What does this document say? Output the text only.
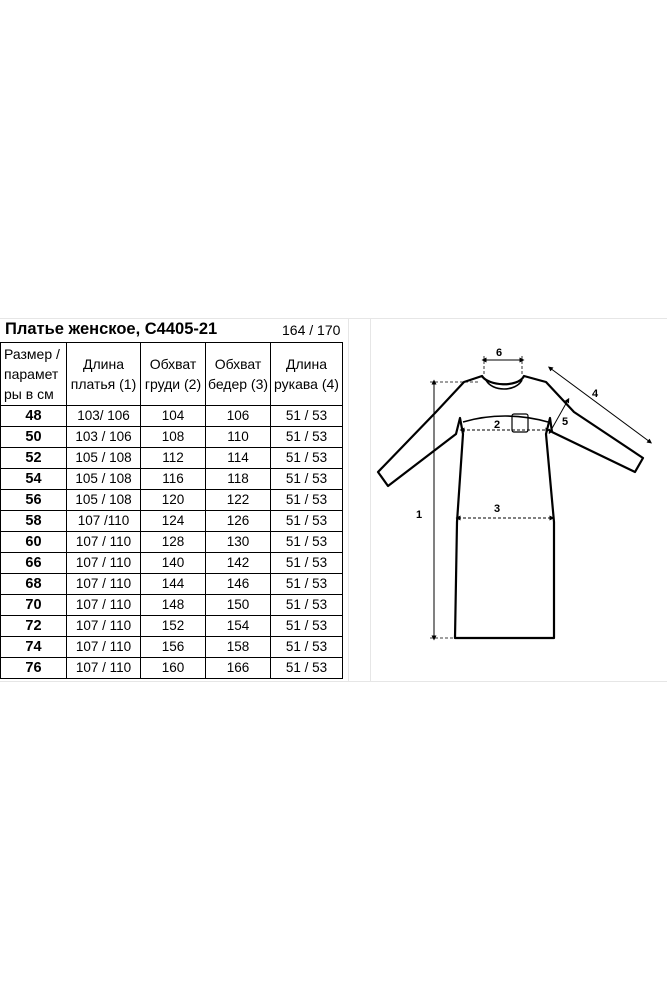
Платье женское, С4405-21	164 / 170
Размер / парамет ры в см	Длина платья (1)	Обхват груди (2)	Обхват бедер (3)	Длина рукава (4)
48	103/ 106	104	106	51 / 53
50	103 / 106	108	110	51 / 53
52	105 / 108	112	114	51 / 53
54	105 / 108	116	118	51 / 53
56	105 / 108	120	122	51 / 53
58	107 /110	124	126	51 / 53
60	107 / 110	128	130	51 / 53
66	107 / 110	140	142	51 / 53
68	107 / 110	144	146	51 / 53
70	107 / 110	148	150	51 / 53
72	107 / 110	152	154	51 / 53
74	107 / 110	156	158	51 / 53
76	107 / 110	160	166	51 / 53
6
2
3
1
4
5
